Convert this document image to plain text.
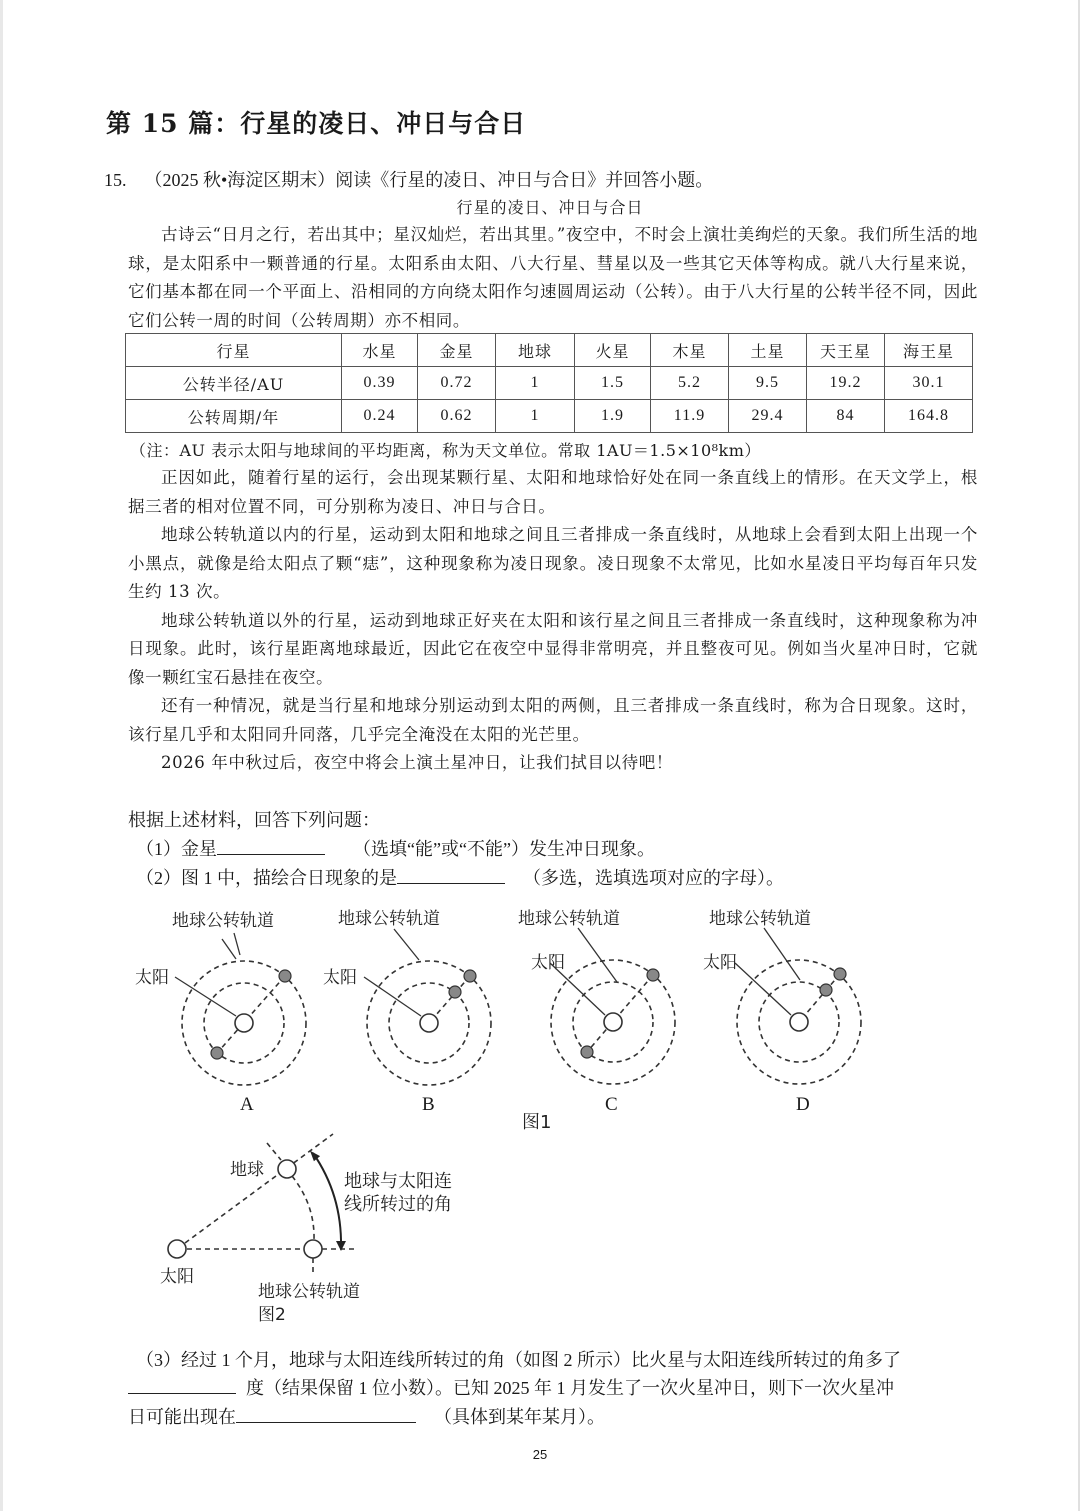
第 15 篇：行星的凌日、冲日与合日
15. （2025 秋•海淀区期末）阅读《行星的凌日、冲日与合日》并回答小题。
行星的凌日、冲日与合日

古诗云“日月之行，若出其中；星汉灿烂，若出其里。”夜空中，不时会上演壮美绚烂的天象。我们所生活的地球，是太阳系中一颗普通的行星。太阳系由太阳、八大行星、彗星以及一些其它天体等构成。就八大行星来说，它们基本都在同一个平面上、沿相同的方向绕太阳作匀速圆周运动（公转）。由于八大行星的公转半径不同，因此它们公转一周的时间（公转周期）亦不相同。

行星	水星	金星	地球	火星	木星	土星	天王星	海王星
公转半径/AU	0.39	0.72	1	1.5	5.2	9.5	19.2	30.1
公转周期/年	0.24	0.62	1	1.9	11.9	29.4	84	164.8
（注：AU 表示太阳与地球间的平均距离，称为天文单位。常取 1AU＝1.5×10⁸km）

正因如此，随着行星的运行，会出现某颗行星、太阳和地球恰好处在同一条直线上的情形。在天文学上，根据三者的相对位置不同，可分别称为凌日、冲日与合日。

地球公转轨道以内的行星，运动到太阳和地球之间且三者排成一条直线时，从地球上会看到太阳上出现一个小黑点，就像是给太阳点了颗“痣”，这种现象称为凌日现象。凌日现象不太常见，比如水星凌日平均每百年只发生约 13 次。

地球公转轨道以外的行星，运动到地球正好夹在太阳和该行星之间且三者排成一条直线时，这种现象称为冲日现象。此时，该行星距离地球最近，因此它在夜空中显得非常明亮，并且整夜可见。例如当火星冲日时，它就像一颗红宝石悬挂在夜空。

还有一种情况，就是当行星和地球分别运动到太阳的两侧，且三者排成一条直线时，称为合日现象。这时，该行星几乎和太阳同升同落，几乎完全淹没在太阳的光芒里。

2026 年中秋过后，夜空中将会上演土星冲日，让我们拭目以待吧！

根据上述材料，回答下列问题：
（1）金星	（选填“能”或“不能”）发生冲日现象。
（2）图 1 中，描绘合日现象的是	（多选，选填选项对应的字母）。
地球公转轨道
太阳
A
地球公转轨道
太阳
B
地球公转轨道
太阳
C
图1
地球公转轨道
太阳
D
地球
地球与太阳连
线所转过的角
太阳
地球公转轨道
图2
（3）经过 1 个月，地球与太阳连线所转过的角（如图 2 所示）比火星与太阳连线所转过的角多了
度（结果保留 1 位小数）。已知 2025 年 1 月发生了一次火星冲日，则下一次火星冲
日可能出现在	（具体到某年某月）。
25
